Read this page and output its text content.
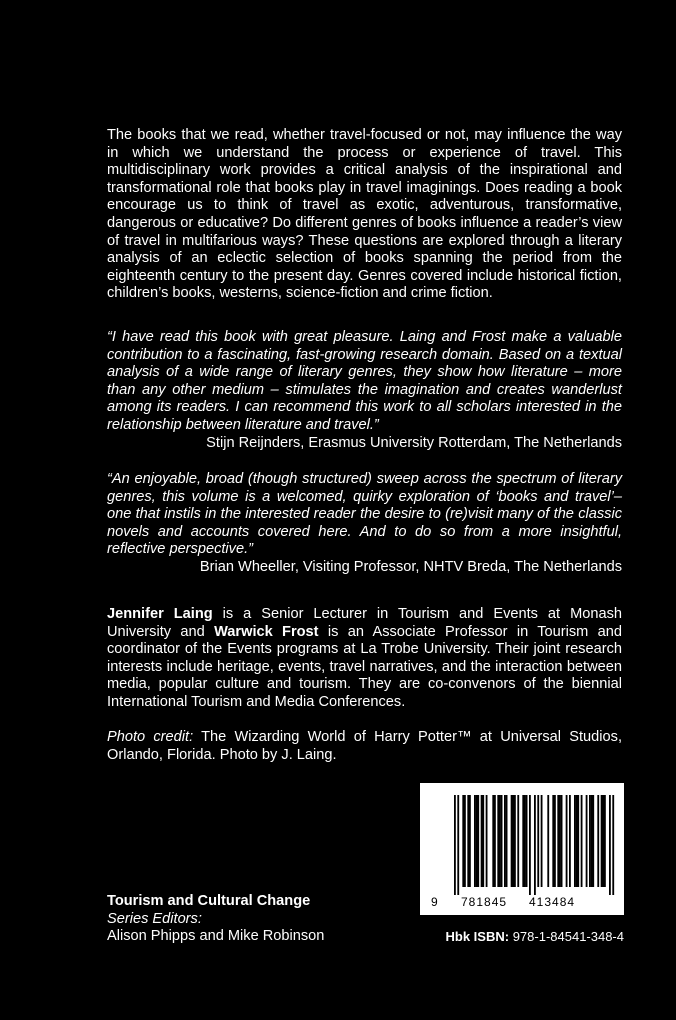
The books that we read, whether travel-focused or not, may influence the way in which we understand the process or experience of travel. This multidisciplinary work provides a critical analysis of the inspirational and transformational role that books play in travel imaginings. Does reading a book encourage us to think of travel as exotic, adventurous, transformative, dangerous or educative? Do different genres of books influence a reader’s view of travel in multifarious ways? These questions are explored through a literary analysis of an eclectic selection of books spanning the period from the eighteenth century to the present day. Genres covered include historical fiction, children’s books, westerns, science-fiction and crime fiction.
“I have read this book with great pleasure. Laing and Frost make a valuable contribution to a fascinating, fast-growing research domain. Based on a textual analysis of a wide range of literary genres, they show how literature – more than any other medium – stimulates the imagination and creates wanderlust among its readers. I can recommend this work to all scholars interested in the relationship between literature and travel.”
Stijn Reijnders, Erasmus University Rotterdam, The Netherlands
“An enjoyable, broad (though structured) sweep across the spectrum of literary genres, this volume is a welcomed, quirky exploration of ‘books and travel’– one that instils in the interested reader the desire to (re)visit many of the classic novels and accounts covered here. And to do so from a more insightful, reflective perspective.”
Brian Wheeller, Visiting Professor, NHTV Breda, The Netherlands
Jennifer Laing is a Senior Lecturer in Tourism and Events at Monash University and Warwick Frost is an Associate Professor in Tourism and coordinator of the Events programs at La Trobe University. Their joint research interests include heritage, events, travel narratives, and the interaction between media, popular culture and tourism. They are co-convenors of the biennial International Tourism and Media Conferences.
Photo credit: The Wizarding World of Harry Potter™ at Universal Studios, Orlando, Florida. Photo by J. Laing.
Tourism and Cultural Change
Series Editors:
Alison Phipps and Mike Robinson
9 781845 413484
Hbk ISBN: 978-1-84541-348-4
